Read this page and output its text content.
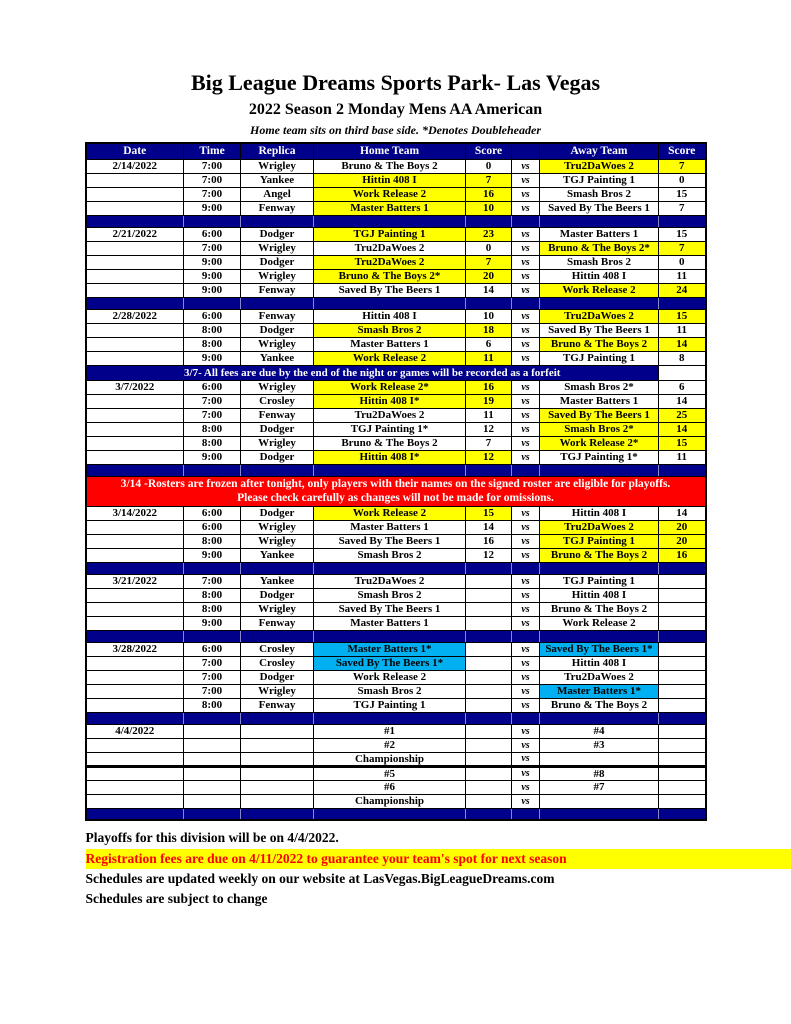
Big League Dreams Sports Park- Las Vegas
2022 Season 2 Monday Mens AA American
Home team sits on third base side. *Denotes Doubleheader
Date	Time	Replica	Home Team	Score		Away Team	Score
2/14/2022	7:00	Wrigley	Bruno & The Boys 2	0	vs	Tru2DaWoes 2	7
	7:00	Yankee	Hittin 408 I	7	vs	TGJ Painting 1	0
	7:00	Angel	Work Release 2	16	vs	Smash Bros 2	15
	9:00	Fenway	Master Batters 1	10	vs	Saved By The Beers 1	7

2/21/2022	6:00	Dodger	TGJ Painting 1	23	vs	Master Batters 1	15
	7:00	Wrigley	Tru2DaWoes 2	0	vs	Bruno & The Boys 2*	7
	9:00	Dodger	Tru2DaWoes 2	7	vs	Smash Bros 2	0
	9:00	Wrigley	Bruno & The Boys 2*	20	vs	Hittin 408 I	11
	9:00	Fenway	Saved By The Beers 1	14	vs	Work Release 2	24

2/28/2022	6:00	Fenway	Hittin 408 I	10	vs	Tru2DaWoes 2	15
	8:00	Dodger	Smash Bros 2	18	vs	Saved By The Beers 1	11
	8:00	Wrigley	Master Batters 1	6	vs	Bruno & The Boys 2	14
	9:00	Yankee	Work Release 2	11	vs	TGJ Painting 1	8
3/7- All fees are due by the end of the night or games will be recorded as a forfeit							
3/7/2022	6:00	Wrigley	Work Release 2*	16	vs	Smash Bros 2*	6
	7:00	Crosley	Hittin 408 I*	19	vs	Master Batters 1	14
	7:00	Fenway	Tru2DaWoes 2	11	vs	Saved By The Beers 1	25
	8:00	Dodger	TGJ Painting 1*	12	vs	Smash Bros 2*	14
	8:00	Wrigley	Bruno & The Boys 2	7	vs	Work Release 2*	15
	9:00	Dodger	Hittin 408 I*	12	vs	TGJ Painting 1*	11

3/14 -Rosters are frozen after tonight, only players with their names on the signed roster are eligible for playoffs.
Please check carefully as changes will not be made for omissions.							

3/14/2022	6:00	Dodger	Work Release 2	15	vs	Hittin 408 I	14
	6:00	Wrigley	Master Batters 1	14	vs	Tru2DaWoes 2	20
	8:00	Wrigley	Saved By The Beers 1	16	vs	TGJ Painting 1	20
	9:00	Yankee	Smash Bros 2	12	vs	Bruno & The Boys 2	16

3/21/2022	7:00	Yankee	Tru2DaWoes 2		vs	TGJ Painting 1	
	8:00	Dodger	Smash Bros 2		vs	Hittin 408 I	
	8:00	Wrigley	Saved By The Beers 1		vs	Bruno & The Boys 2	
	9:00	Fenway	Master Batters 1		vs	Work Release 2	

3/28/2022	6:00	Crosley	Master Batters 1*		vs	Saved By The Beers 1*	
	7:00	Crosley	Saved By The Beers 1*		vs	Hittin 408 I	
	7:00	Dodger	Work Release 2		vs	Tru2DaWoes 2	
	7:00	Wrigley	Smash Bros 2		vs	Master Batters 1*	
	8:00	Fenway	TGJ Painting 1		vs	Bruno & The Boys 2	

4/4/2022			#1		vs	#4	
			#2		vs	#3	
			Championship		vs		
			#5		vs	#8	
			#6		vs	#7	
			Championship		vs		

Playoffs for this division will be on 4/4/2022.
Registration fees are due on 4/11/2022 to guarantee your team's spot for next season
Schedules are updated weekly on our website at LasVegas.BigLeagueDreams.com
Schedules are subject to change
